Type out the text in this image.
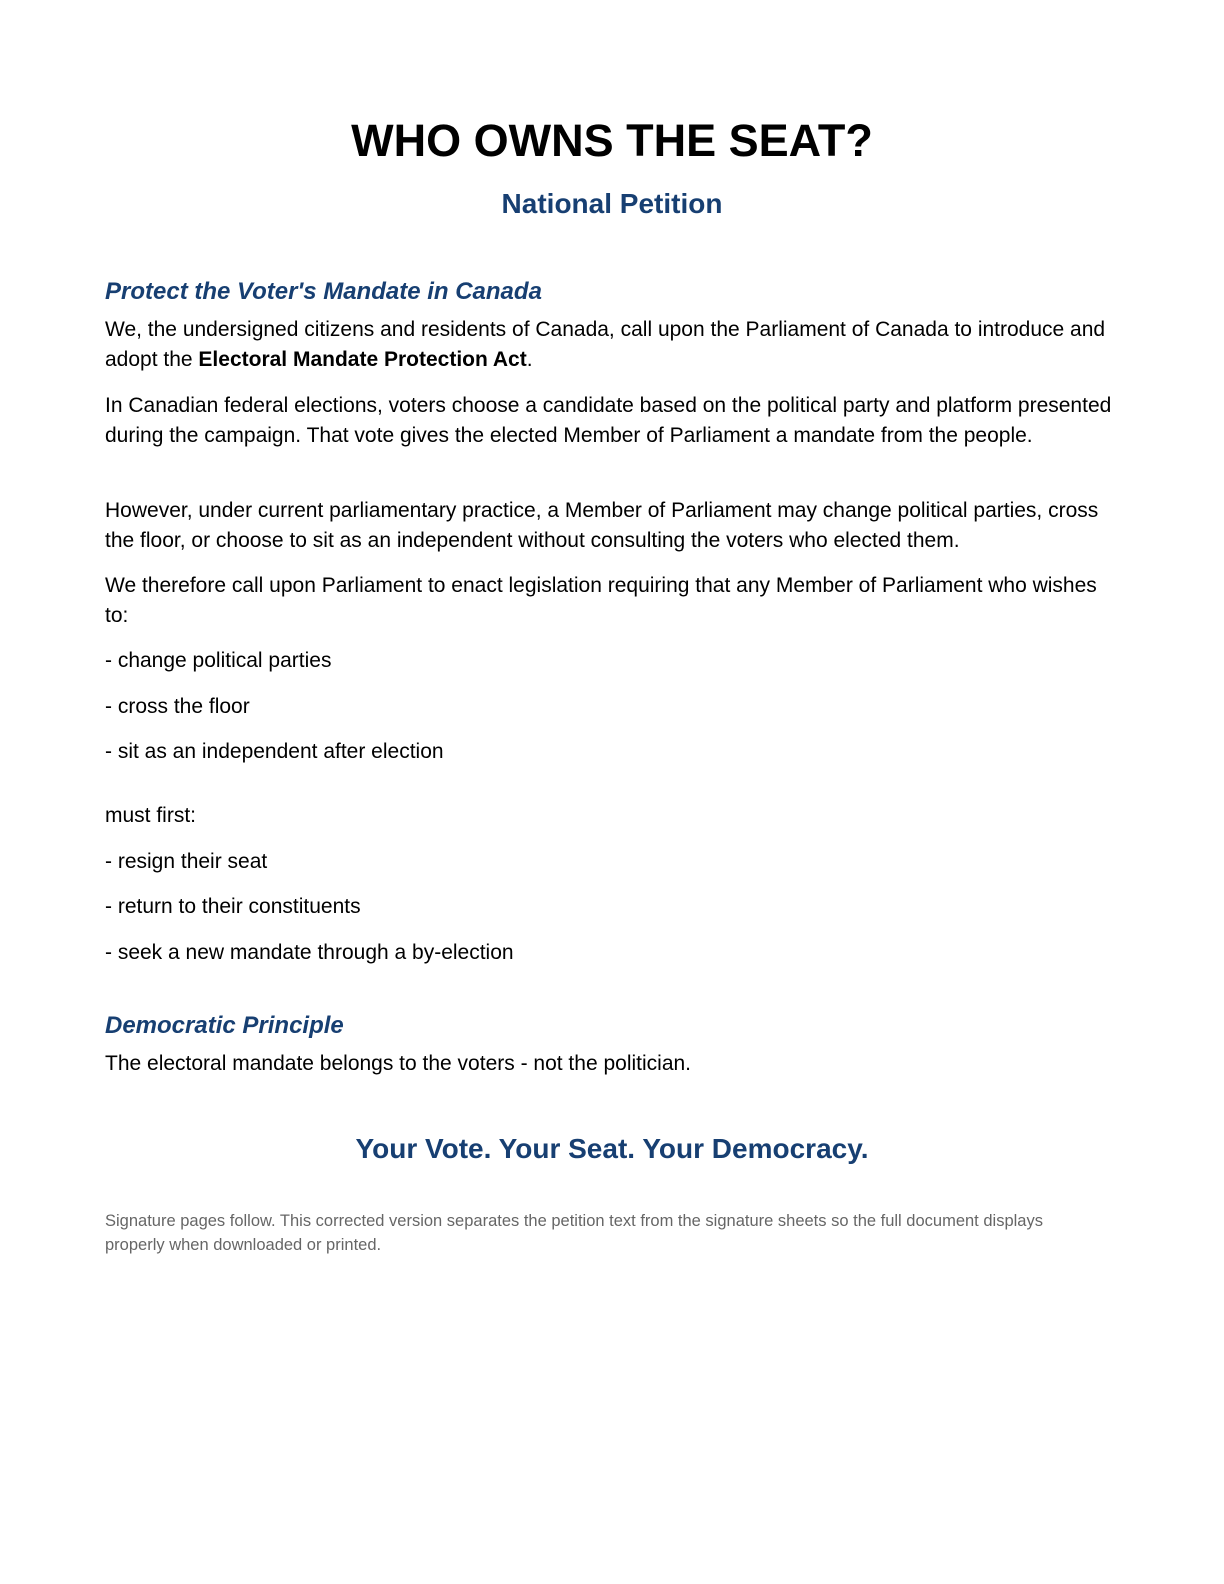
WHO OWNS THE SEAT?
National Petition
Protect the Voter's Mandate in Canada

We, the undersigned citizens and residents of Canada, call upon the Parliament of Canada to introduce and adopt the Electoral Mandate Protection Act.

In Canadian federal elections, voters choose a candidate based on the political party and platform presented during the campaign. That vote gives the elected Member of Parliament a mandate from the people.

However, under current parliamentary practice, a Member of Parliament may change political parties, cross the floor, or choose to sit as an independent without consulting the voters who elected them.

We therefore call upon Parliament to enact legislation requiring that any Member of Parliament who wishes to:

- change political parties

- cross the floor

- sit as an independent after election

must first:

- resign their seat

- return to their constituents

- seek a new mandate through a by-election

Democratic Principle

The electoral mandate belongs to the voters - not the politician.

Your Vote. Your Seat. Your Democracy.

Signature pages follow. This corrected version separates the petition text from the signature sheets so the full document displays properly when downloaded or printed.
